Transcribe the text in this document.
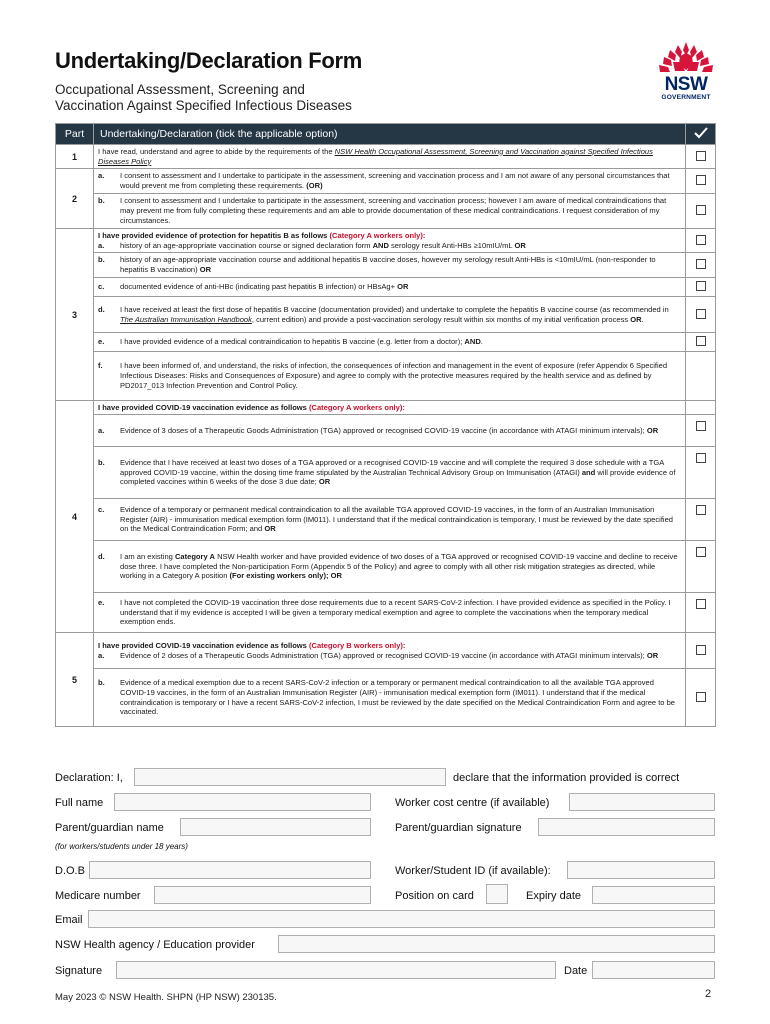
Undertaking/Declaration Form
Occupational Assessment, Screening and
Vaccination Against Specified Infectious Diseases
NSW
GOVERNMENT
Part	Undertaking/Declaration (tick the applicable option)	
1	I have read, understand and agree to abide by the requirements of the NSW Health Occupational Assessment, Screening and Vaccination against Specified Infectious Diseases Policy	
2	a. I consent to assessment and I undertake to participate in the assessment, screening and vaccination process and I am not aware of any personal circumstances that would prevent me from completing these requirements. (OR)	

	b. I consent to assessment and I undertake to participate in the assessment, screening and vaccination process; however I am aware of medical contraindications that may prevent me from fully completing these requirements and am able to provide documentation of these medical contraindications. I request consideration of my circumstances.	

3	I have provided evidence of protection for hepatitis B as follows (Category A workers only):
a. history of an age-appropriate vaccination course or signed declaration form AND serology result Anti-HBs ≥10mIU/mL OR	

	b. history of an age-appropriate vaccination course and additional hepatitis B vaccine doses, however my serology result Anti-HBs is <10mIU/mL (non-responder to hepatitis B vaccination) OR	

	c. documented evidence of anti-HBc (indicating past hepatitis B infection) or HBsAg+ OR	

	d. I have received at least the first dose of hepatitis B vaccine (documentation provided) and undertake to complete the hepatitis B vaccine course (as recommended in The Australian Immunisation Handbook, current edition) and provide a post-vaccination serology result within six months of my initial verification process OR.	

	e. I have provided evidence of a medical contraindication to hepatitis B vaccine (e.g. letter from a doctor); AND.	

	f. I have been informed of, and understand, the risks of infection, the consequences of infection and management in the event of exposure (refer Appendix 6 Specified Infectious Diseases: Risks and Consequences of Exposure) and agree to comply with the protective measures required by the health service and as defined by PD2017_013 Infection Prevention and Control Policy.	

4	I have provided COVID-19 vaccination evidence as follows (Category A workers only):	

	a. Evidence of 3 doses of a Therapeutic Goods Administration (TGA) approved or recognised COVID-19 vaccine (in accordance with ATAGI minimum intervals); OR	

	b. Evidence that I have received at least two doses of a TGA approved or a recognised COVID-19 vaccine and will complete the required 3 dose schedule with a TGA approved COVID-19 vaccine, within the dosing time frame stipulated by the Australian Technical Advisory Group on Immunisation (ATAGI) and will provide evidence of completed vaccines within 6 weeks of the dose 3 due date; OR	

	c. Evidence of a temporary or permanent medical contraindication to all the available TGA approved COVID-19 vaccines, in the form of an Australian Immunisation Register (AIR) - immunisation medical exemption form (IM011). I understand that if the medical contraindication is temporary, I must be reviewed by the date specified on the Medical Contraindication Form; and OR	

	d. I am an existing Category A NSW Health worker and have provided evidence of two doses of a TGA approved or recognised COVID-19 vaccine and decline to receive dose three. I have completed the Non-participation Form (Appendix 5 of the Policy) and agree to comply with all other risk mitigation strategies as directed, while working in a Category A position (For existing workers only); OR	

	e. I have not completed the COVID-19 vaccination three dose requirements due to a recent SARS-CoV-2 infection. I have provided evidence as specified in the Policy. I understand that if my evidence is accepted I will be given a temporary medical exemption and agree to complete the vaccinations when the temporary medical exemption ends.	

5	I have provided COVID-19 vaccination evidence as follows (Category B workers only):
a. Evidence of 2 doses of a Therapeutic Goods Administration (TGA) approved or recognised COVID-19 vaccine (in accordance with ATAGI minimum intervals); OR	

	b. Evidence of a medical exemption due to a recent SARS-CoV-2 infection or a temporary or permanent medical contraindication to all the available TGA approved COVID-19 vaccines, in the form of an Australian Immunisation Register (AIR) - immunisation medical exemption form (IM011). I understand that if the medical contraindication is temporary or I have a recent SARS-CoV-2 infection, I must be reviewed by the date specified on the Medical Contraindication Form and agree to be vaccinated.	

Declaration: I,	declare that the information provided is correct
Full name	Worker cost centre (if available)
Parent/guardian name	Parent/guardian signature
(for workers/students under 18 years)
D.O.B	Worker/Student ID (if available):
Medicare number	Position on card	Expiry date
Email
NSW Health agency / Education provider
Signature	Date
May 2023 © NSW Health. SHPN (HP NSW) 230135.	2
